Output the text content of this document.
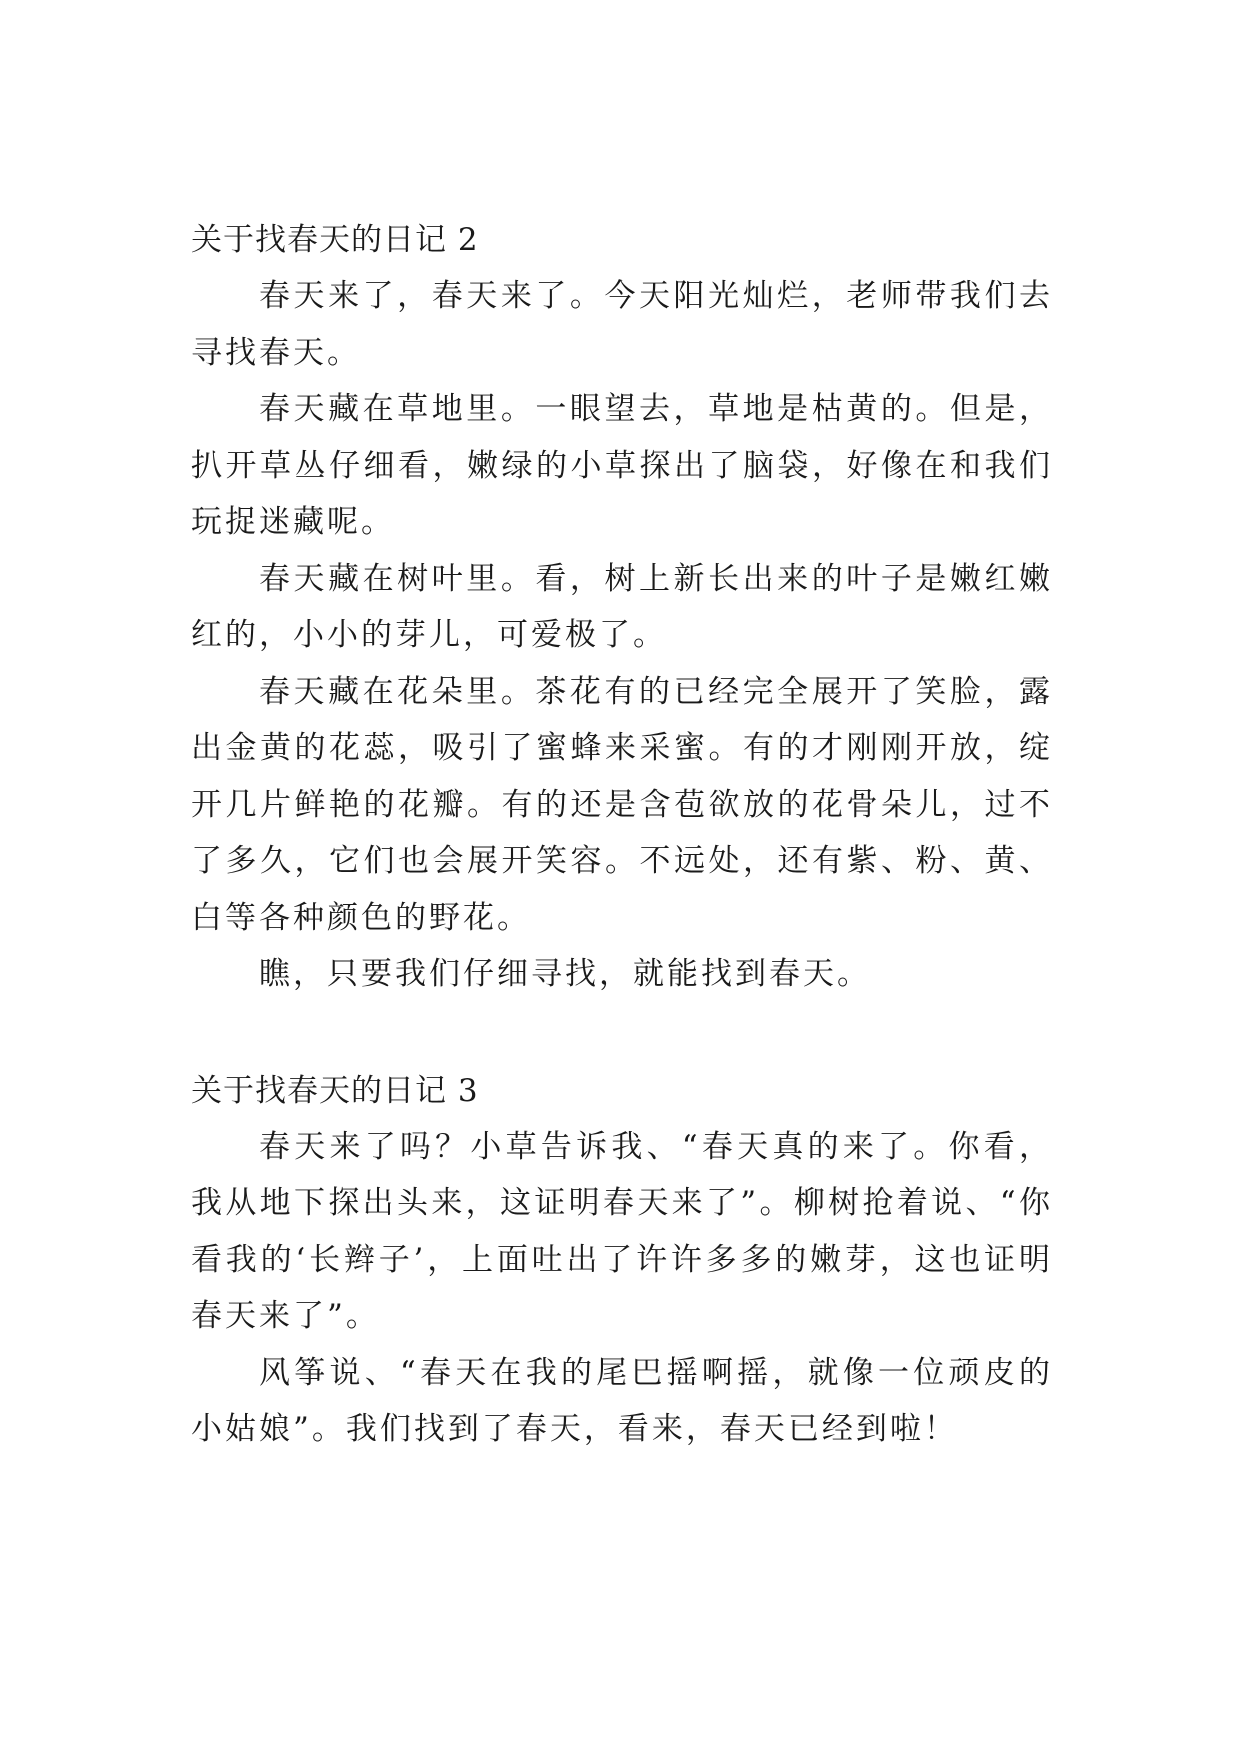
关于找春天的日记 2

春天来了，春天来了。今天阳光灿烂，老师带我们去寻找春天。

春天藏在草地里。一眼望去，草地是枯黄的。但是，扒开草丛仔细看，嫩绿的小草探出了脑袋，好像在和我们玩捉迷藏呢。

春天藏在树叶里。看，树上新长出来的叶子是嫩红嫩红的，小小的芽儿，可爱极了。

春天藏在花朵里。茶花有的已经完全展开了笑脸，露出金黄的花蕊，吸引了蜜蜂来采蜜。有的才刚刚开放，绽开几片鲜艳的花瓣。有的还是含苞欲放的花骨朵儿，过不了多久，它们也会展开笑容。不远处，还有紫、粉、黄、白等各种颜色的野花。

瞧，只要我们仔细寻找，就能找到春天。

关于找春天的日记 3

春天来了吗？小草告诉我、“春天真的来了。你看，我从地下探出头来，这证明春天来了”。柳树抢着说、“你看我的‘长辫子’，上面吐出了许许多多的嫩芽，这也证明春天来了”。

风筝说、“春天在我的尾巴摇啊摇，就像一位顽皮的小姑娘”。我们找到了春天，看来，春天已经到啦！
